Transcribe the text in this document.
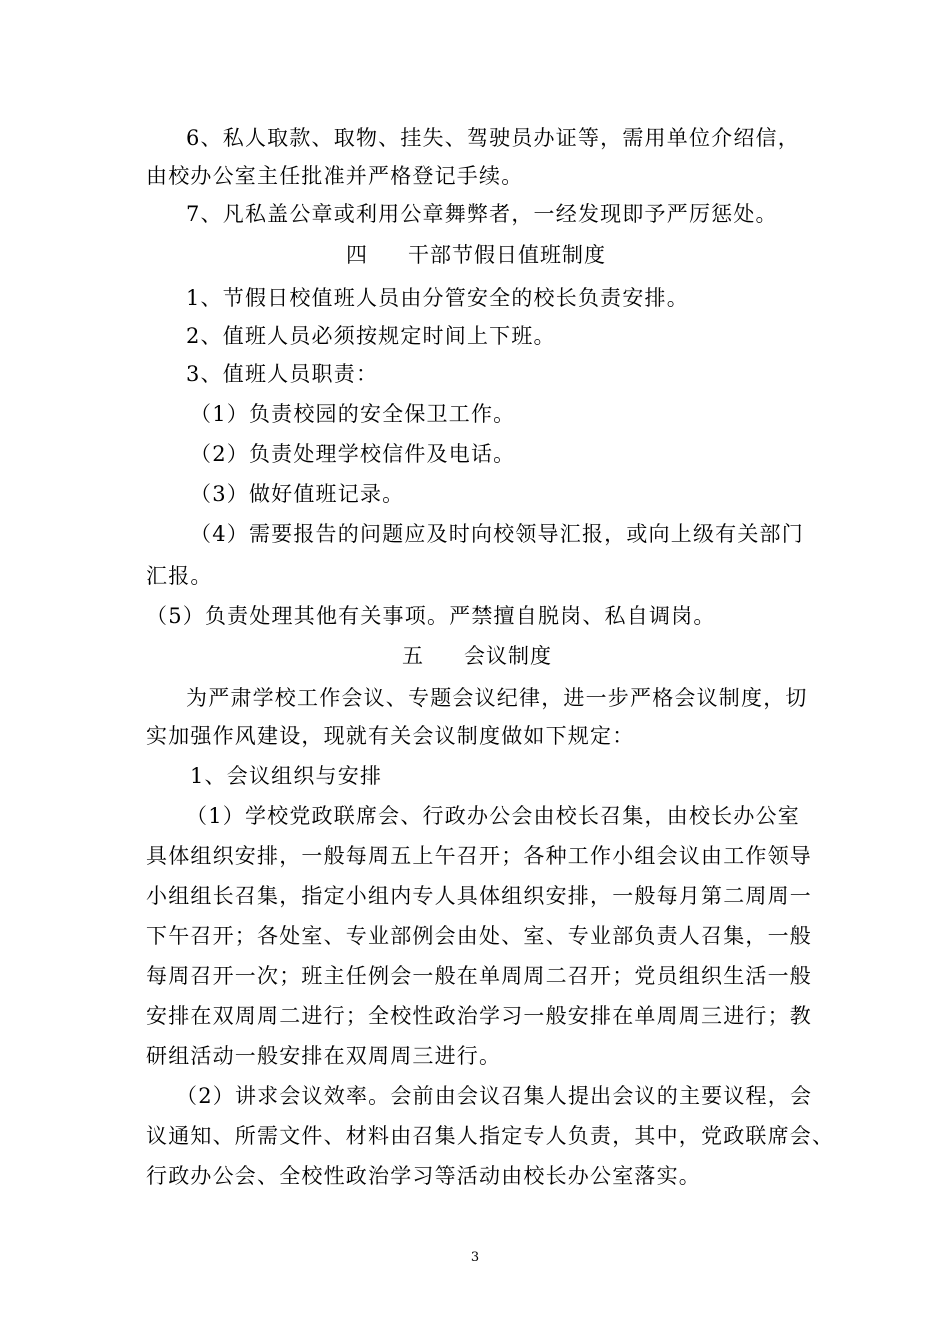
6、私人取款、取物、挂失、驾驶员办证等，需用单位介绍信，
由校办公室主任批准并严格登记手续。
7、凡私盖公章或利用公章舞弊者，一经发现即予严厉惩处。
四 干部节假日值班制度
1、节假日校值班人员由分管安全的校长负责安排。
2、值班人员必须按规定时间上下班。
3、值班人员职责：
（1）负责校园的安全保卫工作。
（2）负责处理学校信件及电话。
（3）做好值班记录。
（4）需要报告的问题应及时向校领导汇报，或向上级有关部门
汇报。
（5）负责处理其他有关事项。严禁擅自脱岗、私自调岗。
五 会议制度
为严肃学校工作会议、专题会议纪律，进一步严格会议制度，切
实加强作风建设，现就有关会议制度做如下规定：
1、会议组织与安排
（1）学校党政联席会、行政办公会由校长召集，由校长办公室
具体组织安排，一般每周五上午召开；各种工作小组会议由工作领导
小组组长召集，指定小组内专人具体组织安排，一般每月第二周周一
下午召开；各处室、专业部例会由处、室、专业部负责人召集，一般
每周召开一次；班主任例会一般在单周周二召开；党员组织生活一般
安排在双周周二进行；全校性政治学习一般安排在单周周三进行；教
研组活动一般安排在双周周三进行。
（2）讲求会议效率。会前由会议召集人提出会议的主要议程，会
议通知、所需文件、材料由召集人指定专人负责，其中，党政联席会、
行政办公会、全校性政治学习等活动由校长办公室落实。
3
